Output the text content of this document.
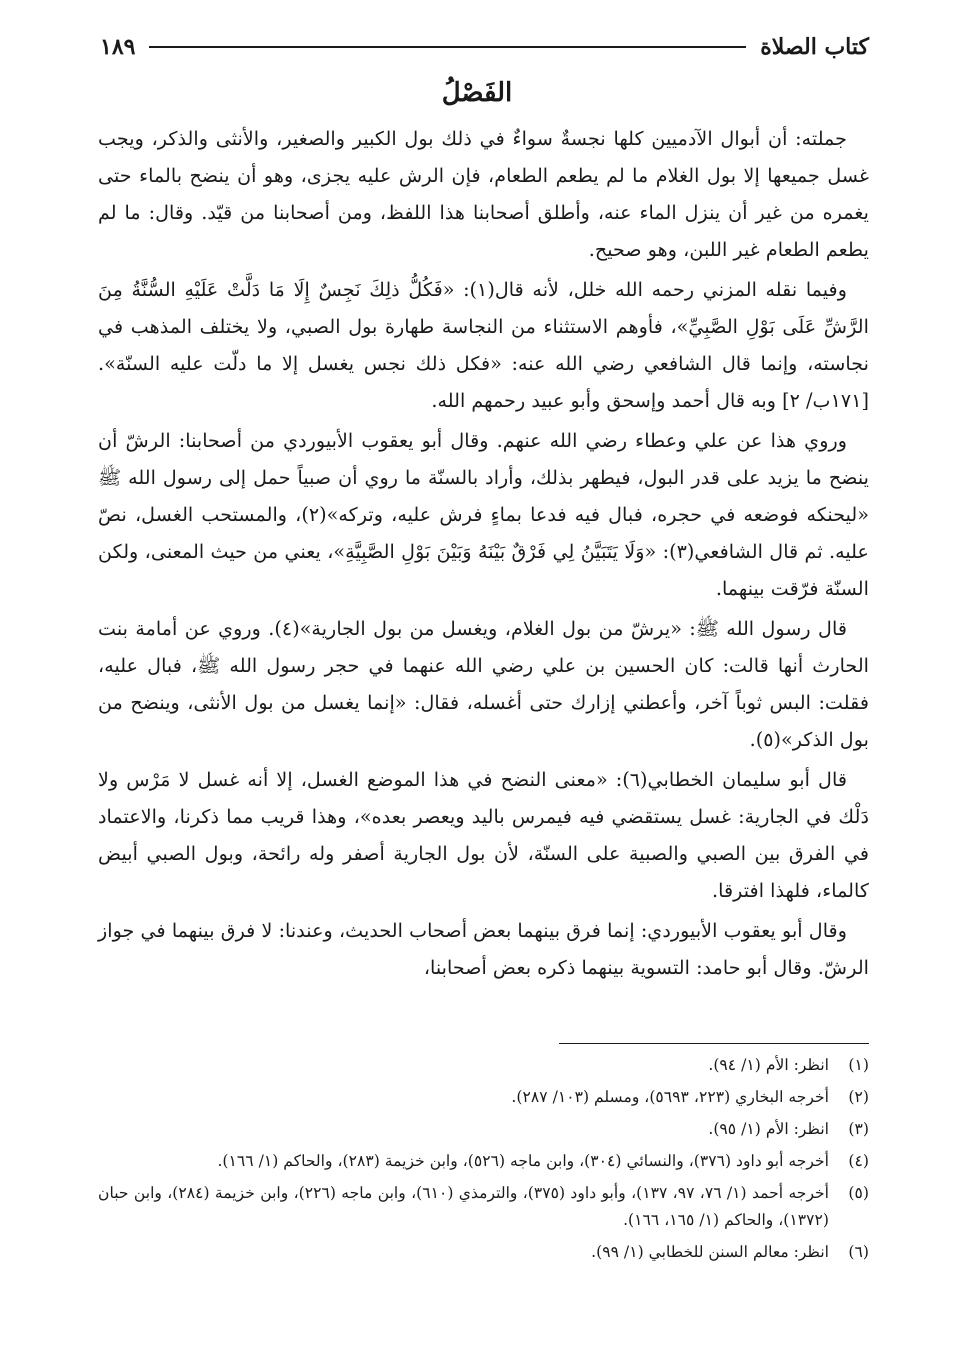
كتاب الصلاة
١٨٩
الفَصْلُ

جملته: أن أبوال الآدميين كلها نجسةٌ سواءٌ في ذلك بول الكبير والصغير، والأنثى والذكر، ويجب غسل جميعها إلا بول الغلام ما لم يطعم الطعام، فإن الرش عليه يجزى، وهو أن ينضح بالماء حتى يغمره من غير أن ينزل الماء عنه، وأطلق أصحابنا هذا اللفظ، ومن أصحابنا من قيّد. وقال: ما لم يطعم الطعام غير اللبن، وهو صحيح.

وفيما نقله المزني رحمه الله خلل، لأنه قال(١): «فَكُلُّ ذلِكَ نَجِسٌ إِلَا مَا دَلَّتْ عَلَيْهِ السُّنَّةُ مِنَ الرَّشِّ عَلَى بَوْلِ الصَّبِيِّ»، فأوهم الاستثناء من النجاسة طهارة بول الصبي، ولا يختلف المذهب في نجاسته، وإنما قال الشافعي رضي الله عنه: «فكل ذلك نجس يغسل إلا ما دلّت عليه السنّة». [١٧١ب/ ٢] وبه قال أحمد وإسحق وأبو عبيد رحمهم الله.

وروي هذا عن علي وعطاء رضي الله عنهم. وقال أبو يعقوب الأبيوردي من أصحابنا: الرشّ أن ينضح ما يزيد على قدر البول، فيطهر بذلك، وأراد بالسنّة ما روي أن صبياً حمل إلى رسول الله ﷺ «ليحنكه فوضعه في حجره، فبال فيه فدعا بماءٍ فرش عليه، وتركه»(٢)، والمستحب الغسل، نصّ عليه. ثم قال الشافعي(٣): «وَلَا يَتَبَيَّنُ لِي فَرْقٌ بَيْنَهُ وَبَيْنَ بَوْلِ الصَّبِيَّةِ»، يعني من حيث المعنى، ولكن السنّة فرّقت بينهما.

قال رسول الله ﷺ: «يرشّ من بول الغلام، ويغسل من بول الجارية»(٤). وروي عن أمامة بنت الحارث أنها قالت: كان الحسين بن علي رضي الله عنهما في حجر رسول الله ﷺ، فبال عليه، فقلت: البس ثوباً آخر، وأعطني إزارك حتى أغسله، فقال: «إنما يغسل من بول الأنثى، وينضح من بول الذكر»(٥).

قال أبو سليمان الخطابي(٦): «معنى النضح في هذا الموضع الغسل، إلا أنه غسل لا مَرْس ولا دَلْك في الجارية: غسل يستقضي فيه فيمرس باليد ويعصر بعده»، وهذا قريب مما ذكرنا، والاعتماد في الفرق بين الصبي والصبية على السنّة، لأن بول الجارية أصفر وله رائحة، وبول الصبي أبيض كالماء، فلهذا افترقا.

وقال أبو يعقوب الأبيوردي: إنما فرق بينهما بعض أصحاب الحديث، وعندنا: لا فرق بينهما في جواز الرشّ. وقال أبو حامد: التسوية بينهما ذكره بعض أصحابنا،

(١)
انظر: الأم (١/ ٩٤).
(٢)
أخرجه البخاري (٢٢٣، ٥٦٩٣)، ومسلم (١٠٣/ ٢٨٧).
(٣)
انظر: الأم (١/ ٩٥).
(٤)
أخرجه أبو داود (٣٧٦)، والنسائي (٣٠٤)، وابن ماجه (٥٢٦)، وابن خزيمة (٢٨٣)، والحاكم (١/ ١٦٦).
(٥)
أخرجه أحمد (١/ ٧٦، ٩٧، ١٣٧)، وأبو داود (٣٧٥)، والترمذي (٦١٠)، وابن ماجه (٢٢٦)، وابن خزيمة (٢٨٤)، وابن حبان (١٣٧٢)، والحاكم (١/ ١٦٥، ١٦٦).
(٦)
انظر: معالم السنن للخطابي (١/ ٩٩).
